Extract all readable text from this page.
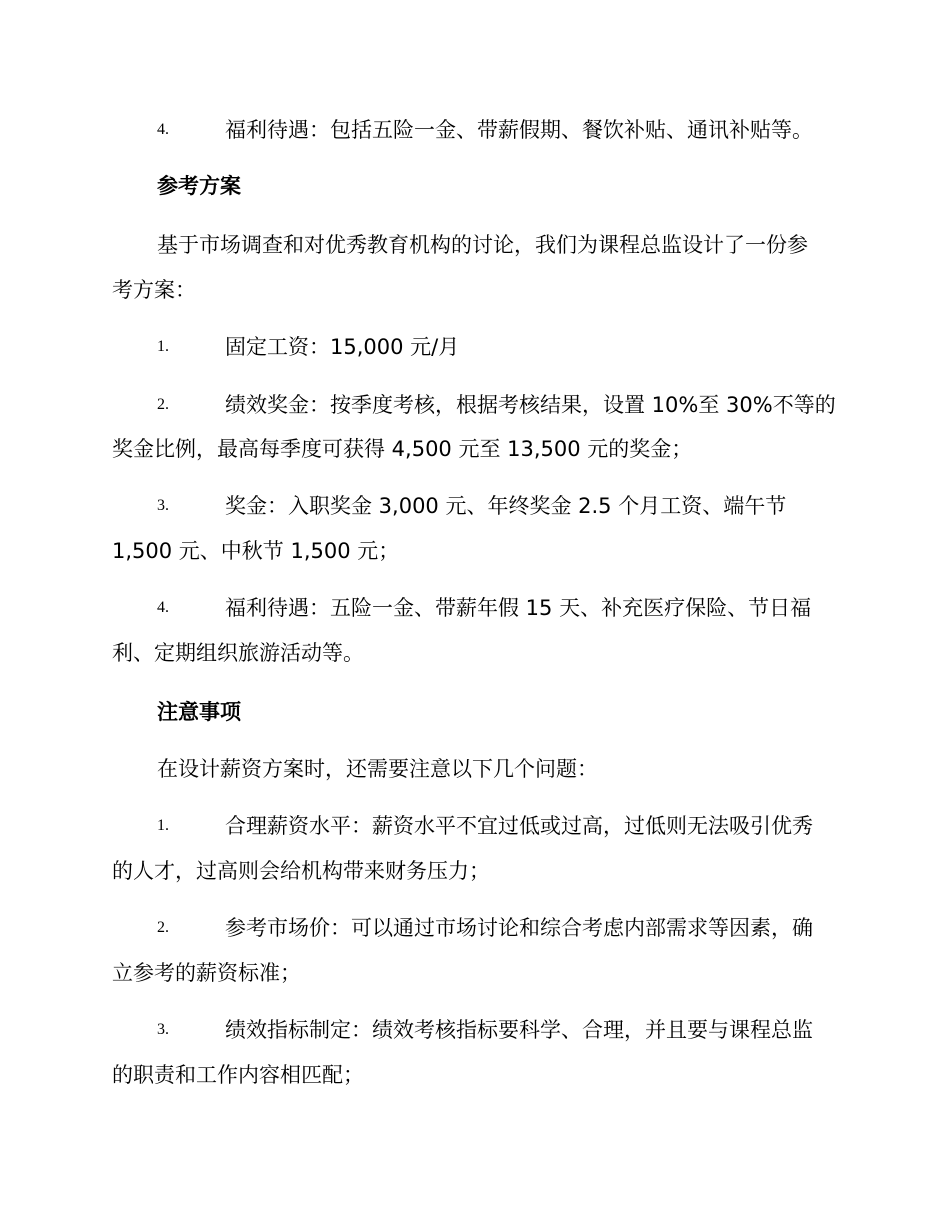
4.	福利待遇：包括五险一金、带薪假期、餐饮补贴、通讯补贴等。
参考方案
基于市场调查和对优秀教育机构的讨论，我们为课程总监设计了一份参
考方案：
1.	固定工资：15,000 元/月
2.	绩效奖金：按季度考核，根据考核结果，设置 10%至 30%不等的
奖金比例，最高每季度可获得 4,500 元至 13,500 元的奖金；
3.	奖金：入职奖金 3,000 元、年终奖金 2.5 个月工资、端午节
1,500 元、中秋节 1,500 元；
4.	福利待遇：五险一金、带薪年假 15 天、补充医疗保险、节日福
利、定期组织旅游活动等。
注意事项
在设计薪资方案时，还需要注意以下几个问题：
1.	合理薪资水平：薪资水平不宜过低或过高，过低则无法吸引优秀
的人才，过高则会给机构带来财务压力；
2.	参考市场价：可以通过市场讨论和综合考虑内部需求等因素，确
立参考的薪资标准；
3.	绩效指标制定：绩效考核指标要科学、合理，并且要与课程总监
的职责和工作内容相匹配；
